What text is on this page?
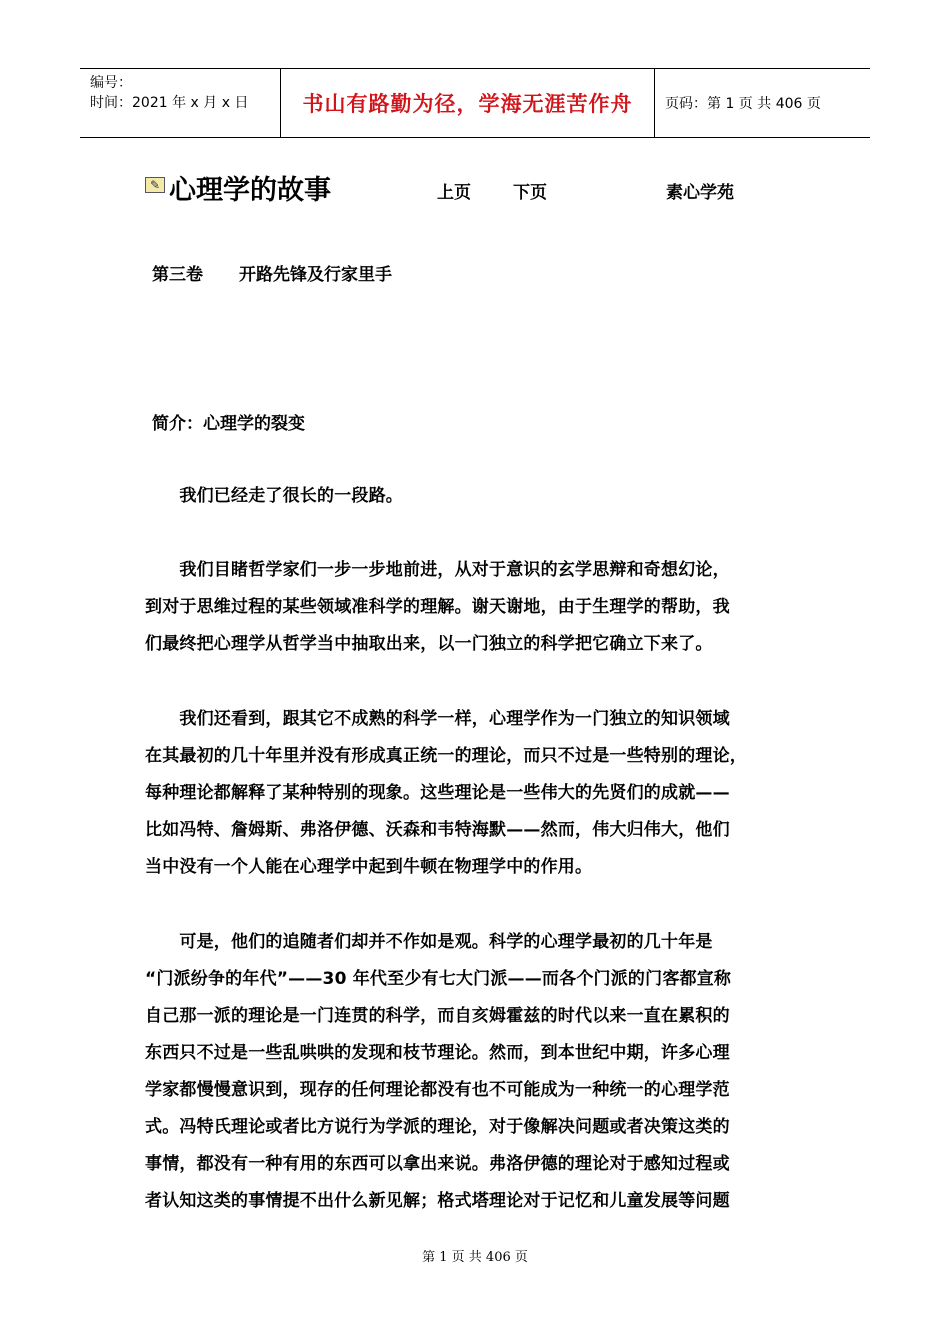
编号：
时间：2021 年 x 月 x 日	书山有路勤为径，学海无涯苦作舟	页码：第 1 页 共 406 页
✎ 心理学的故事	上页 下页	素心学苑
第三卷 开路先锋及行家里手
简介：心理学的裂变
　　我们已经走了很长的一段路。
　　我们目睹哲学家们一步一步地前进，从对于意识的玄学思辩和奇想幻论，
到对于思维过程的某些领域准科学的理解。谢天谢地，由于生理学的帮助，我
们最终把心理学从哲学当中抽取出来，以一门独立的科学把它确立下来了。
　　我们还看到，跟其它不成熟的科学一样，心理学作为一门独立的知识领域
在其最初的几十年里并没有形成真正统一的理论，而只不过是一些特别的理论，
每种理论都解释了某种特别的现象。这些理论是一些伟大的先贤们的成就——
比如冯特、詹姆斯、弗洛伊德、沃森和韦特海默——然而，伟大归伟大，他们
当中没有一个人能在心理学中起到牛顿在物理学中的作用。
　　可是，他们的追随者们却并不作如是观。科学的心理学最初的几十年是
“门派纷争的年代”——30 年代至少有七大门派——而各个门派的门客都宣称
自己那一派的理论是一门连贯的科学，而自亥姆霍兹的时代以来一直在累积的
东西只不过是一些乱哄哄的发现和枝节理论。然而，到本世纪中期，许多心理
学家都慢慢意识到，现存的任何理论都没有也不可能成为一种统一的心理学范
式。冯特氏理论或者比方说行为学派的理论，对于像解决问题或者决策这类的
事情，都没有一种有用的东西可以拿出来说。弗洛伊德的理论对于感知过程或
者认知这类的事情提不出什么新见解；格式塔理论对于记忆和儿童发展等问题
第 1 页 共 406 页
